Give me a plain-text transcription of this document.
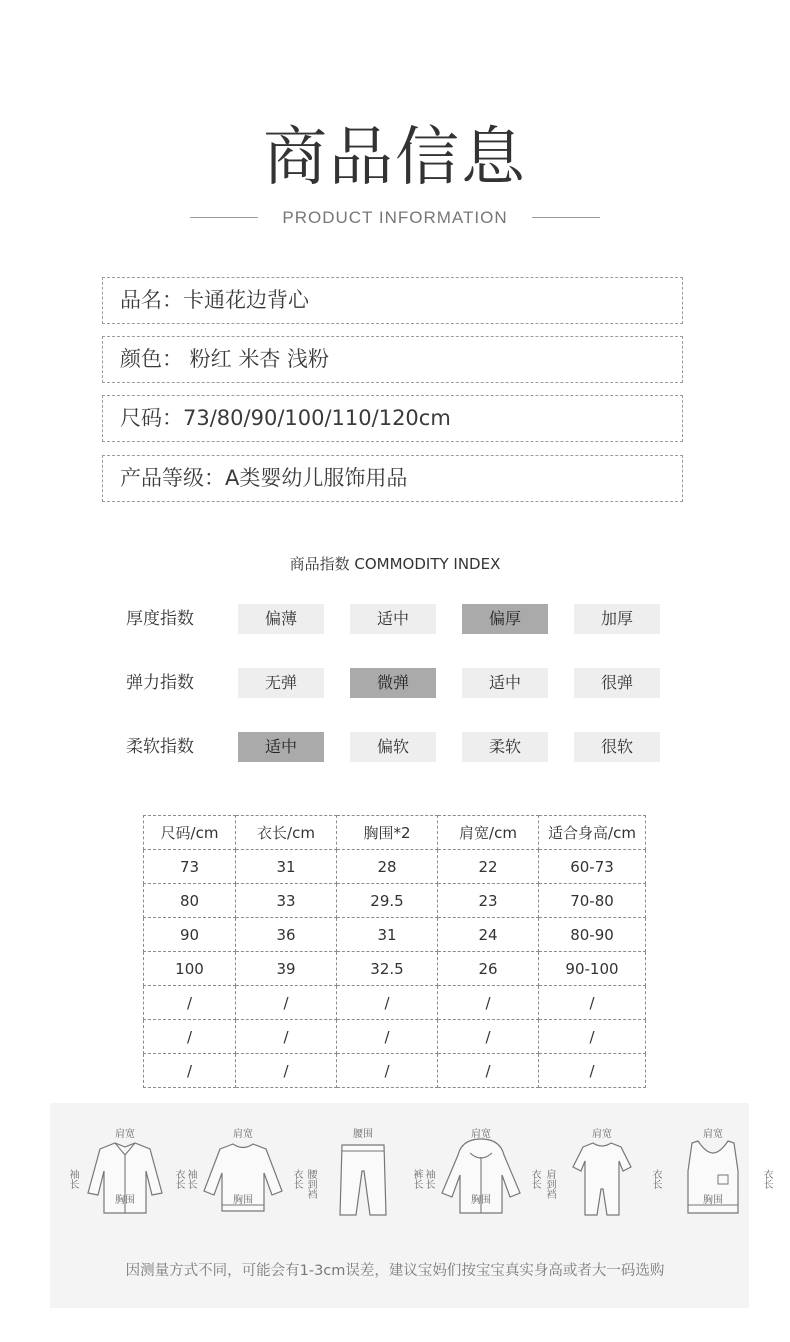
商品信息
PRODUCT INFORMATION
品名：卡通花边背心
颜色： 粉红 米杏 浅粉
尺码：73/80/90/100/110/120cm
产品等级：A类婴幼儿服饰用品
商品指数 COMMODITY INDEX
厚度指数	偏薄	适中	偏厚	加厚
弹力指数	无弹	微弹	适中	很弹
柔软指数	适中	偏软	柔软	很软
尺码/cm	衣长/cm	胸围*2	肩宽/cm	适合身高/cm
73	31	28	22	60-73
80	33	29.5	23	70-80
90	36	31	24	80-90
100	39	32.5	26	90-100
/	/	/	/	/
/	/	/	/	/
/	/	/	/	/
肩宽
袖长	衣长
胸围
肩宽
袖长	衣长
胸围
腰围
腰到裆	裤长
肩宽
袖长	衣长
胸围
肩宽
肩到裆	衣长
肩宽
衣长
胸围
因测量方式不同，可能会有1-3cm误差，建议宝妈们按宝宝真实身高或者大一码选购
